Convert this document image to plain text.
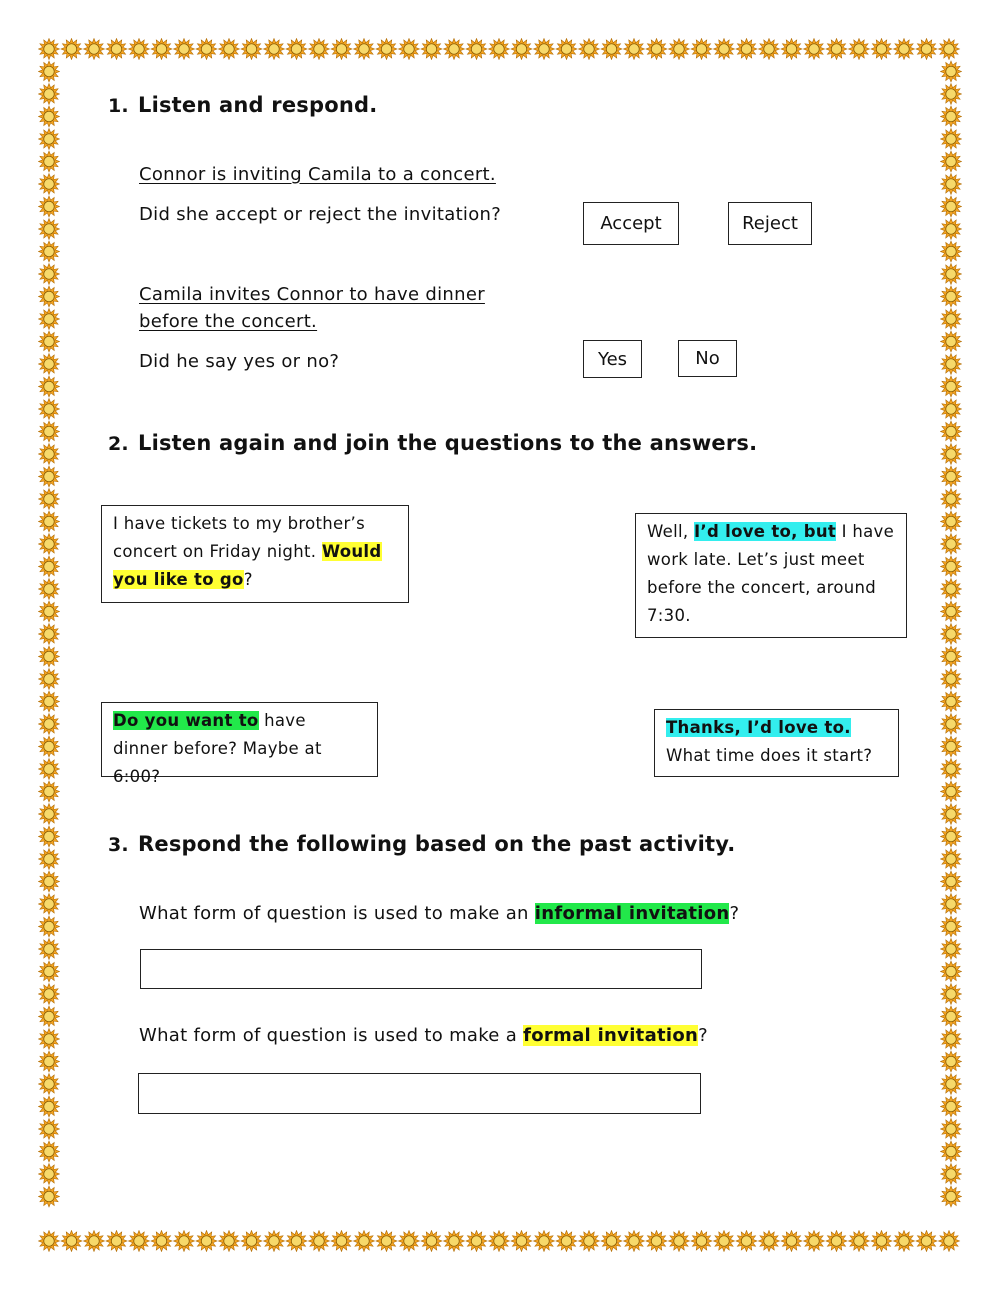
1. Listen and respond.
Connor is inviting Camila to a concert.
Did she accept or reject the invitation?	Accept	Reject
Camila invites Connor to have dinner
before the concert.
Did he say yes or no?	Yes	No
2. Listen again and join the questions to the answers.
I have tickets to my brother’s concert on Friday night. Would you like to go?
Well, I’d love to, but I have work late. Let’s just meet before the concert, around 7:30.
Do you want to have dinner before? Maybe at 6:00?
Thanks, I’d love to. What time does it start?
3. Respond the following based on the past activity.
What form of question is used to make an informal invitation?
What form of question is used to make a formal invitation?
